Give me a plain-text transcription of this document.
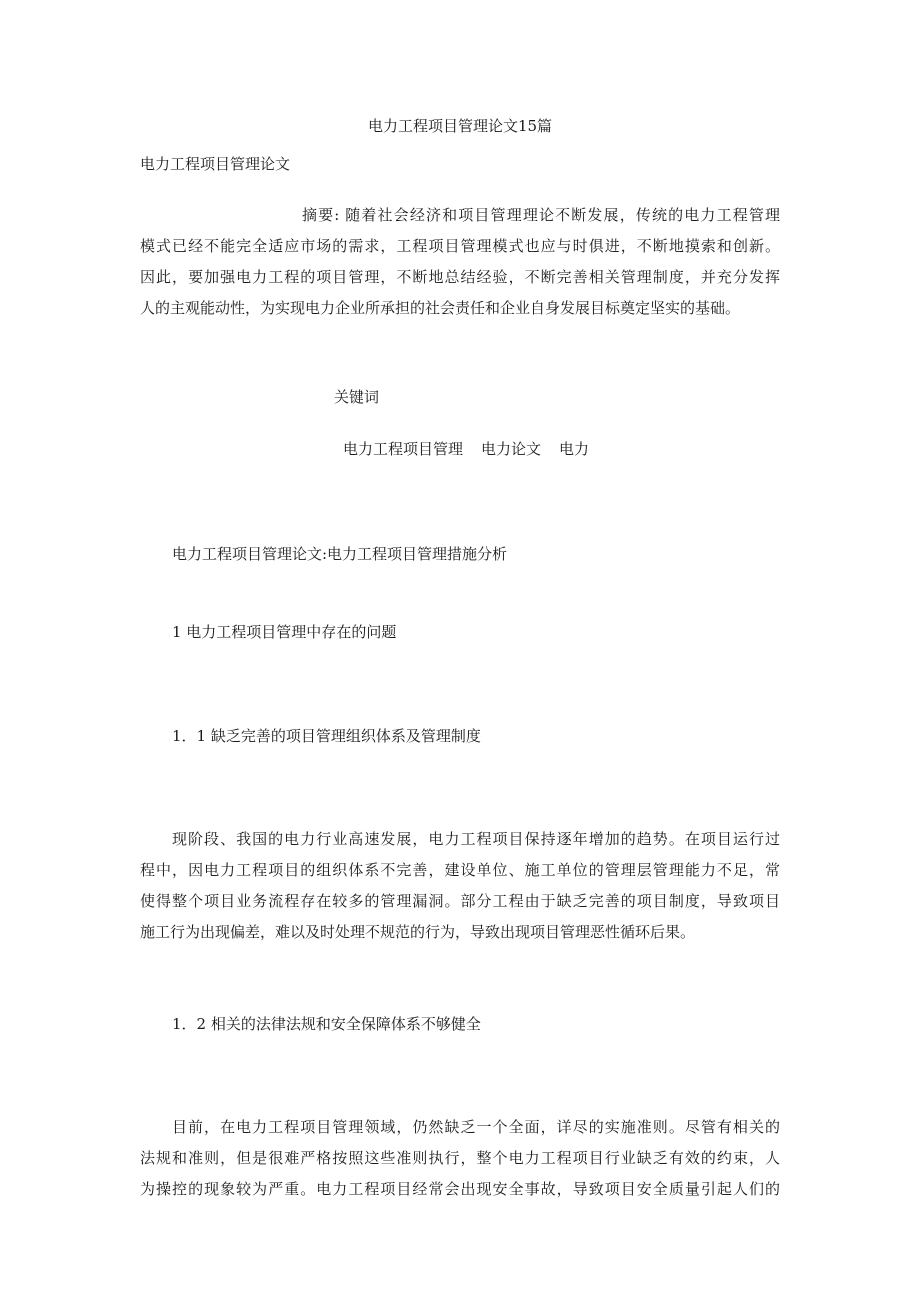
电力工程项目管理论文15篇
电力工程项目管理论文
摘要: 随着社会经济和项目管理理论不断发展，传统的电力工程管理
模式已经不能完全适应市场的需求，工程项目管理模式也应与时俱进，不断地摸索和创新。
因此，要加强电力工程的项目管理，不断地总结经验，不断完善相关管理制度，并充分发挥
人的主观能动性，为实现电力企业所承担的社会责任和企业自身发展目标奠定坚实的基础。
关键词
电力工程项目管理 电力论文 电力
电力工程项目管理论文:电力工程项目管理措施分析
1 电力工程项目管理中存在的问题
1．1 缺乏完善的项目管理组织体系及管理制度
现阶段、我国的电力行业高速发展，电力工程项目保持逐年增加的趋势。在项目运行过
程中，因电力工程项目的组织体系不完善，建设单位、施工单位的管理层管理能力不足，常
使得整个项目业务流程存在较多的管理漏洞。部分工程由于缺乏完善的项目制度，导致项目
施工行为出现偏差，难以及时处理不规范的行为，导致出现项目管理恶性循环后果。
1．2 相关的法律法规和安全保障体系不够健全
目前，在电力工程项目管理领域，仍然缺乏一个全面，详尽的实施准则。尽管有相关的
法规和准则，但是很难严格按照这些准则执行，整个电力工程项目行业缺乏有效的约束，人
为操控的现象较为严重。电力工程项目经常会出现安全事故，导致项目安全质量引起人们的
